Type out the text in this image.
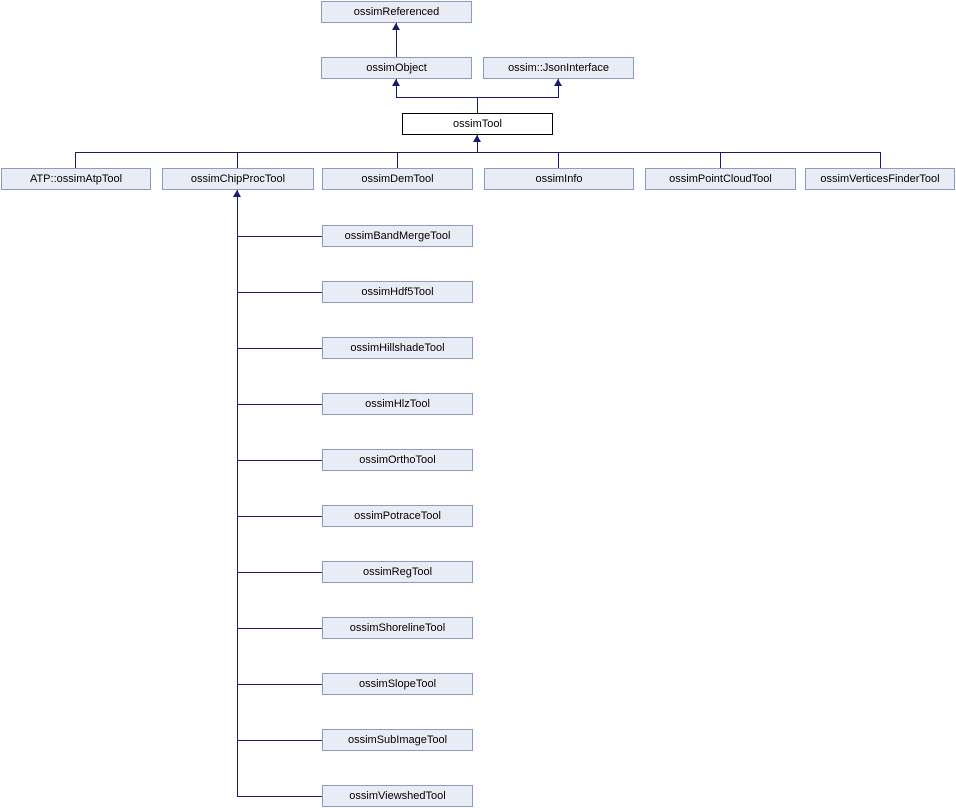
ossimReferenced
ossimObject	ossim::JsonInterface
ossimTool
ATP::ossimAtpTool	ossimChipProcTool	ossimDemTool	ossimInfo	ossimPointCloudTool	ossimVerticesFinderTool
ossimBandMergeTool
ossimHdf5Tool
ossimHillshadeTool
ossimHlzTool
ossimOrthoTool
ossimPotraceTool
ossimRegTool
ossimShorelineTool
ossimSlopeTool
ossimSubImageTool
ossimViewshedTool
